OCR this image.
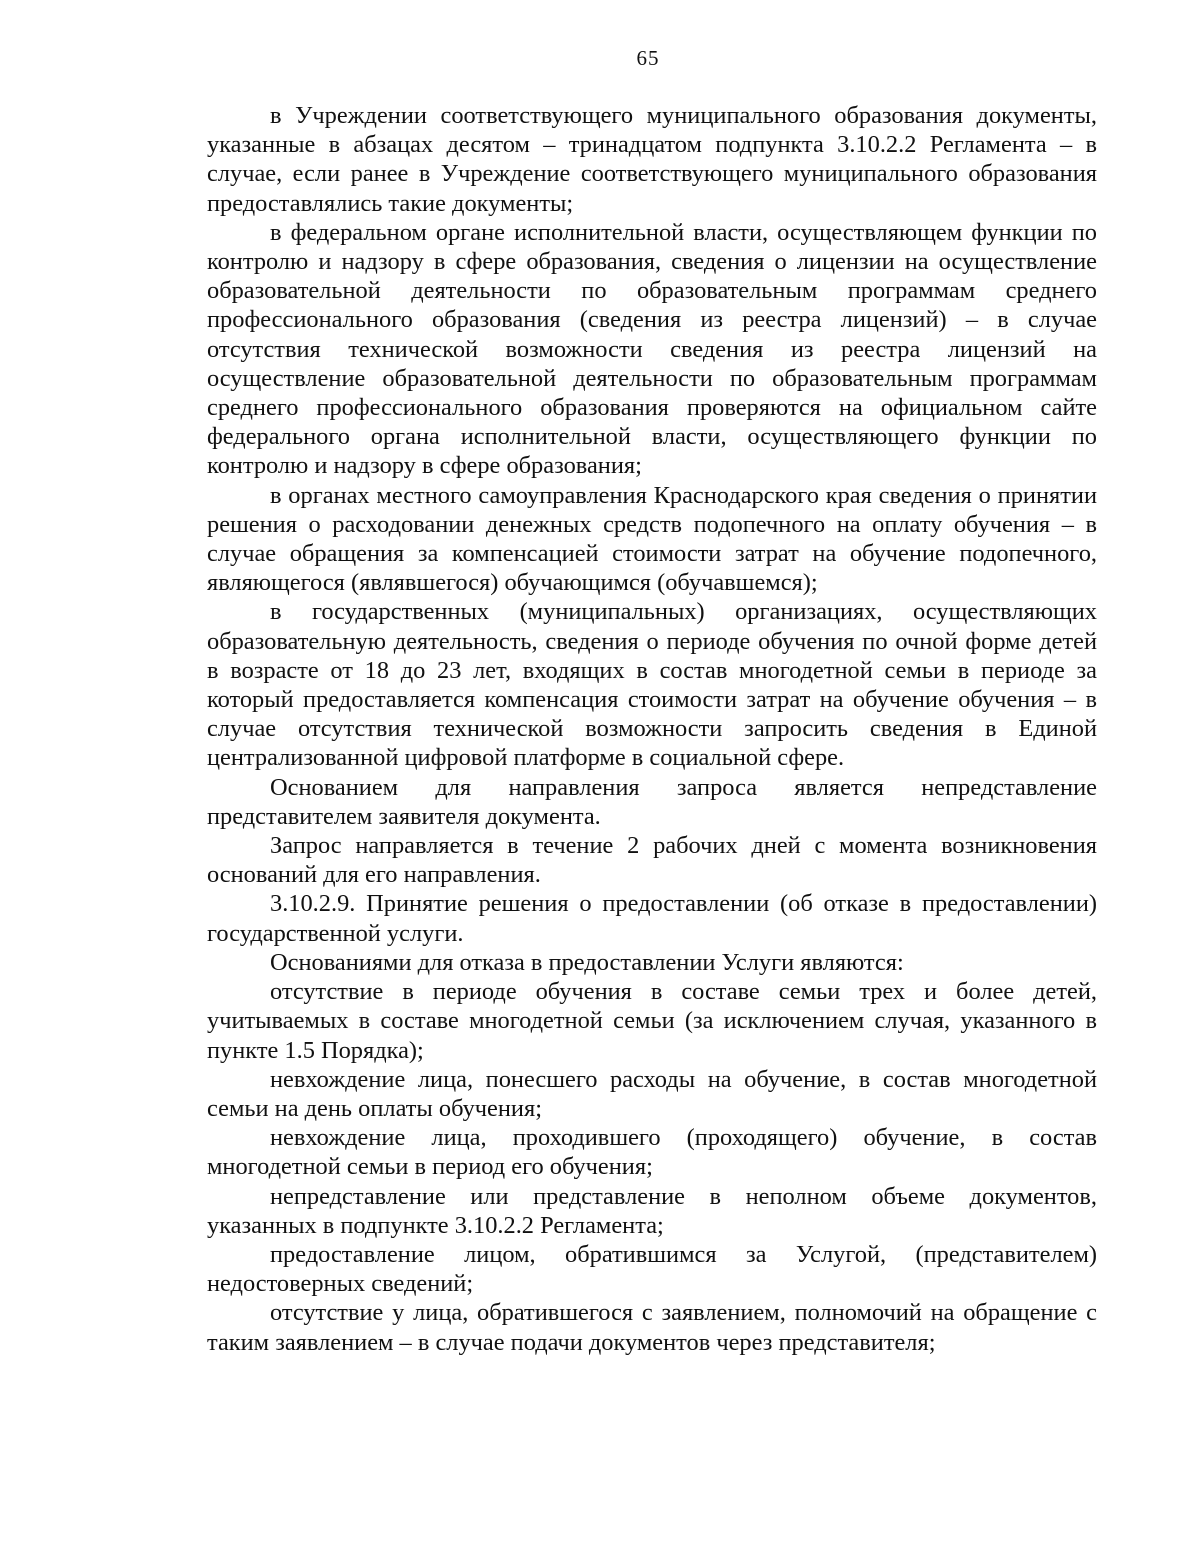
65

в Учреждении соответствующего муниципального образования документы, указанные в абзацах десятом – тринадцатом подпункта 3.10.2.2 Регламента – в случае, если ранее в Учреждение соответствующего муниципального образования предоставлялись такие документы;

в федеральном органе исполнительной власти, осуществляющем функции по контролю и надзору в сфере образования, сведения о лицензии на осуществление образовательной деятельности по образовательным программам среднего профессионального образования (сведения из реестра лицензий) – в случае отсутствия технической возможности сведения из реестра лицензий на осуществление образовательной деятельности по образовательным программам среднего профессионального образования проверяются на официальном сайте федерального органа исполнительной власти, осуществляющего функции по контролю и надзору в сфере образования;

в органах местного самоуправления Краснодарского края сведения о принятии решения о расходовании денежных средств подопечного на оплату обучения – в случае обращения за компенсацией стоимости затрат на обучение подопечного, являющегося (являвшегося) обучающимся (обучавшемся);

в государственных (муниципальных) организациях, осуществляющих образовательную деятельность, сведения о периоде обучения по очной форме детей в возрасте от 18 до 23 лет, входящих в состав многодетной семьи в периоде за который предоставляется компенсация стоимости затрат на обучение обучения – в случае отсутствия технической возможности запросить сведения в Единой централизованной цифровой платформе в социальной сфере.

Основанием для направления запроса является непредставление представителем заявителя документа.

Запрос направляется в течение 2 рабочих дней с момента возникновения оснований для его направления.

3.10.2.9. Принятие решения о предоставлении (об отказе в предоставлении) государственной услуги.

Основаниями для отказа в предоставлении Услуги являются:

отсутствие в периоде обучения в составе семьи трех и более детей, учитываемых в составе многодетной семьи (за исключением случая, указанного в пункте 1.5 Порядка);

невхождение лица, понесшего расходы на обучение, в состав многодетной семьи на день оплаты обучения;

невхождение лица, проходившего (проходящего) обучение, в состав многодетной семьи в период его обучения;

непредставление или представление в неполном объеме документов, указанных в подпункте 3.10.2.2 Регламента;

предоставление лицом, обратившимся за Услугой, (представителем) недостоверных сведений;

отсутствие у лица, обратившегося с заявлением, полномочий на обращение с таким заявлением – в случае подачи документов через представителя;
